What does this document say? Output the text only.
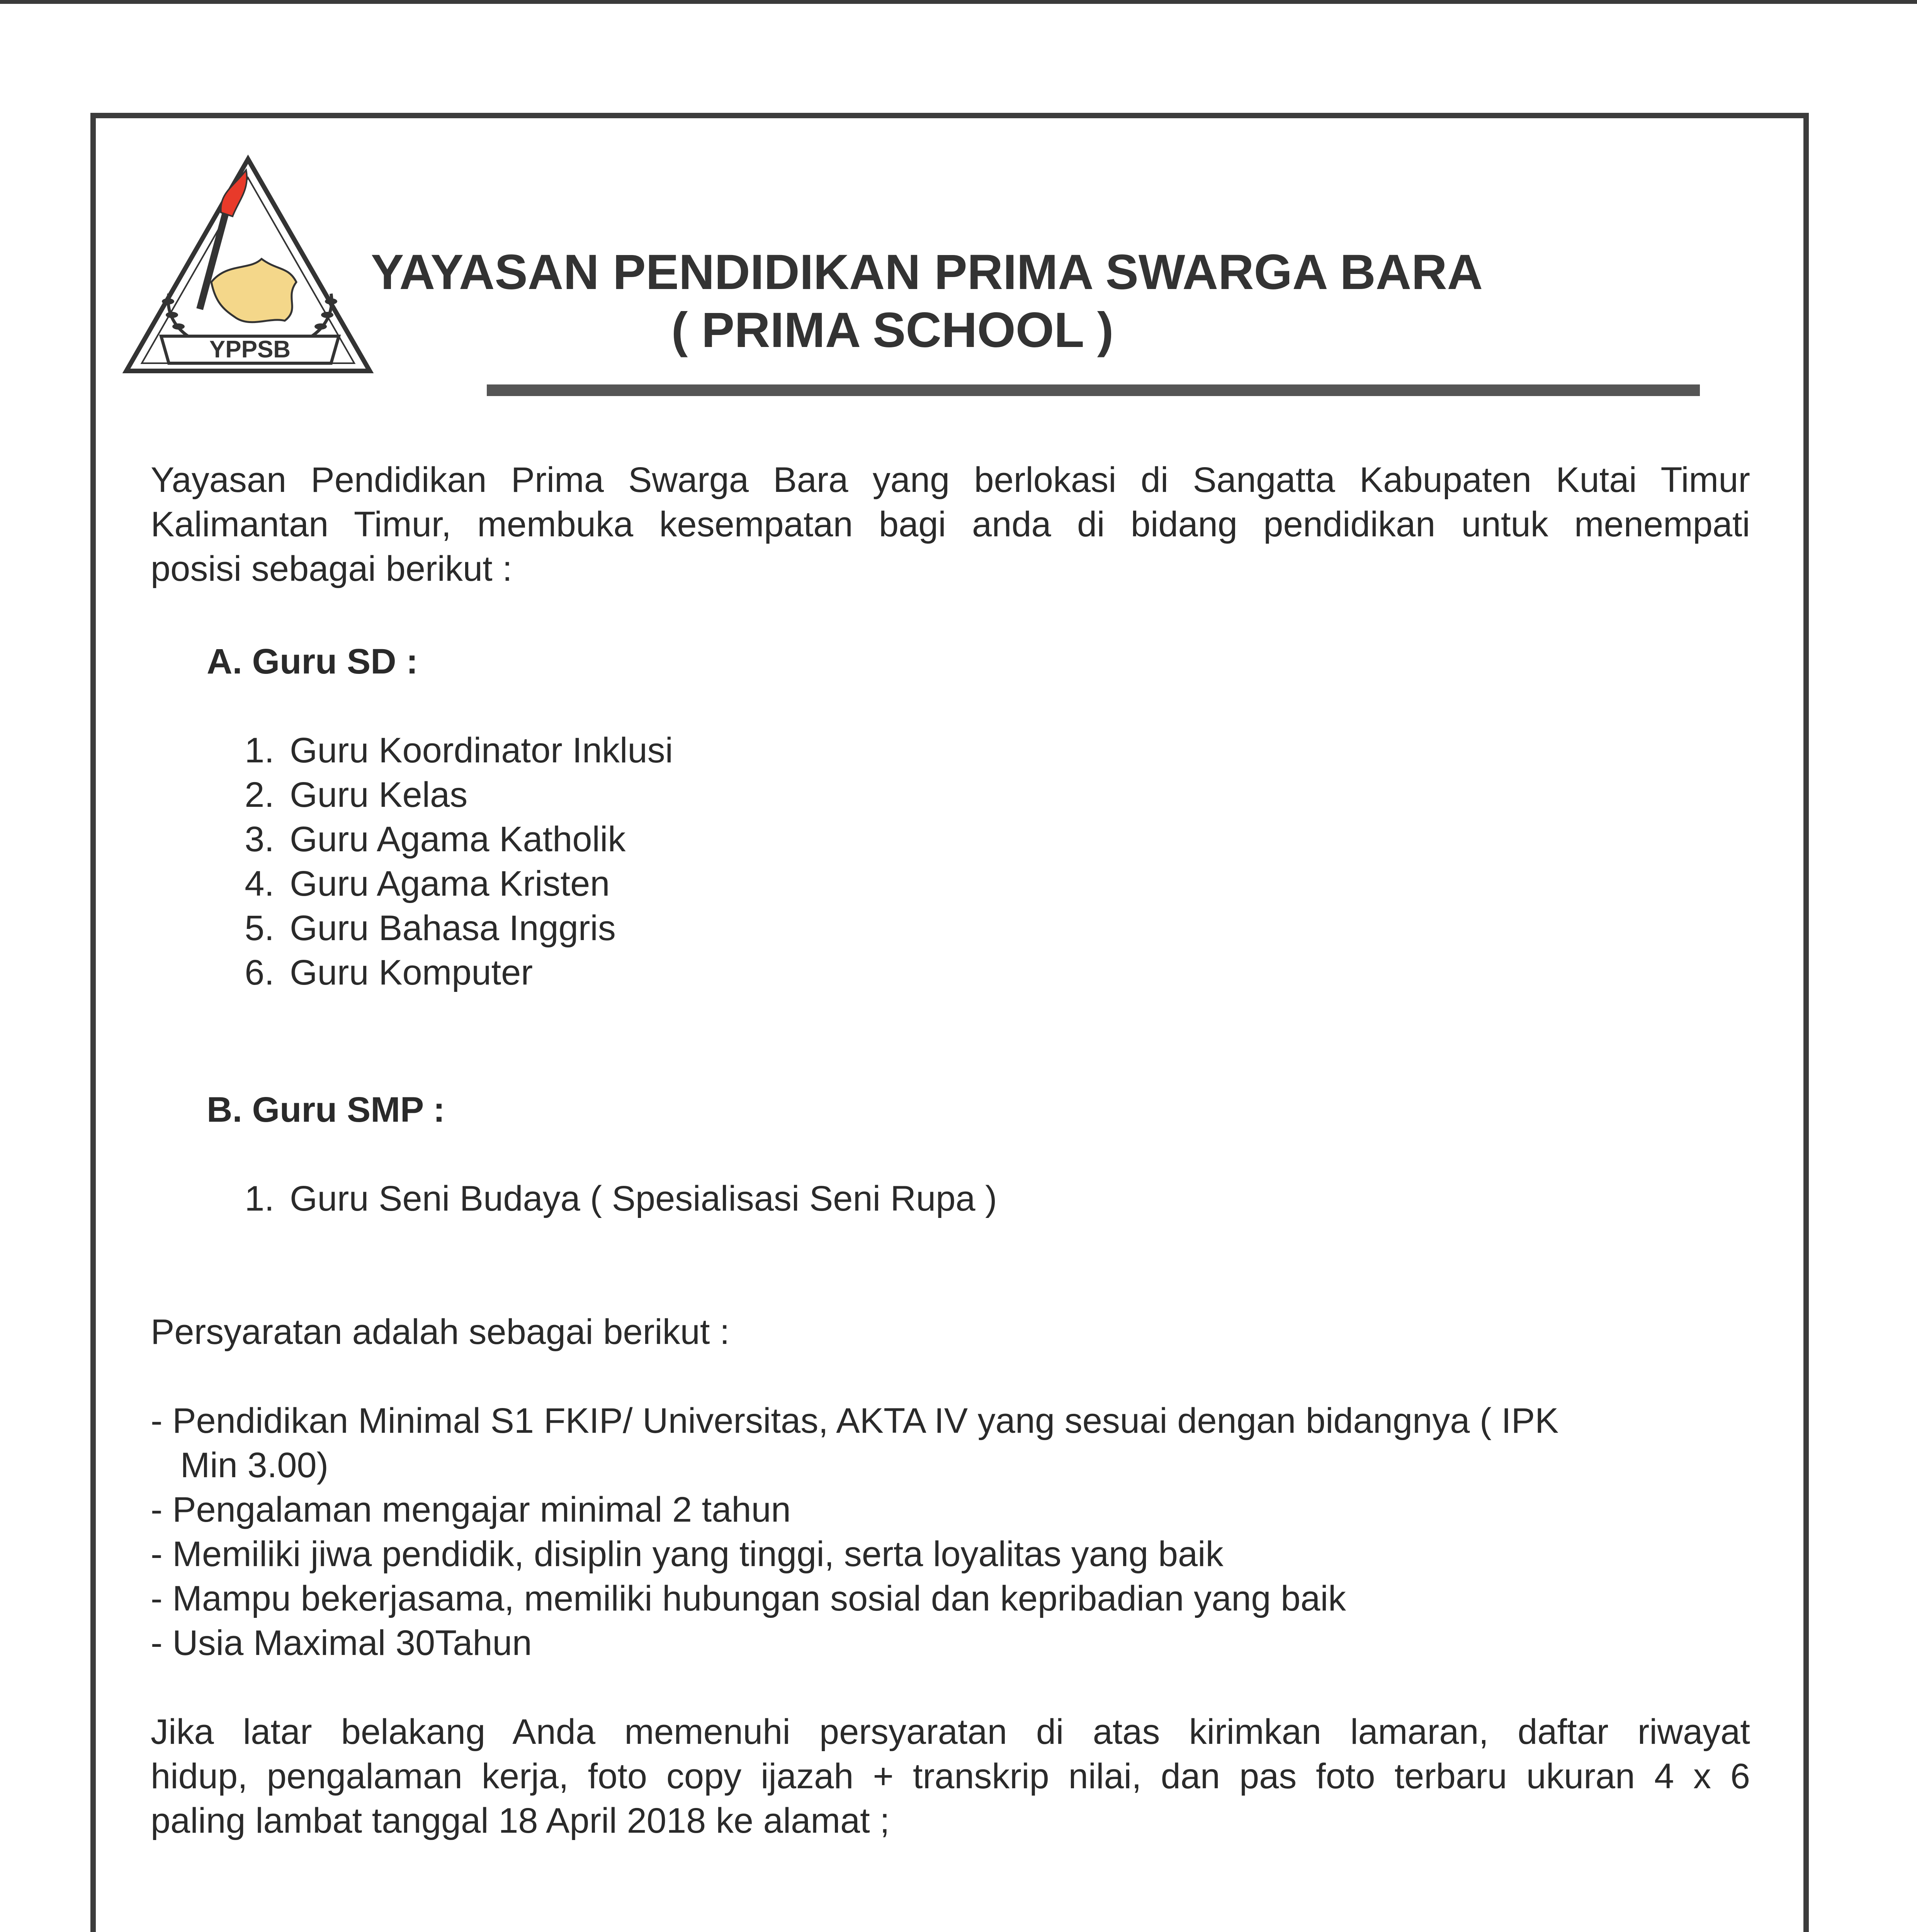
YPPSB
YAYASAN PENDIDIKAN PRIMA SWARGA BARA
( PRIMA SCHOOL )
Yayasan Pendidikan Prima Swarga Bara yang berlokasi di Sangatta Kabupaten Kutai Timur
Kalimantan Timur, membuka kesempatan bagi anda di bidang pendidikan untuk menempati
posisi sebagai berikut :
A. Guru SD :
1. Guru Koordinator Inklusi
2. Guru Kelas
3. Guru Agama Katholik
4. Guru Agama Kristen
5. Guru Bahasa Inggris
6. Guru Komputer
B. Guru SMP :
1. Guru Seni Budaya ( Spesialisasi Seni Rupa )
Persyaratan adalah sebagai berikut :
- Pendidikan Minimal S1 FKIP/ Universitas, AKTA IV yang sesuai dengan bidangnya ( IPK
Min 3.00)
- Pengalaman mengajar minimal 2 tahun
- Memiliki jiwa pendidik, disiplin yang tinggi, serta loyalitas yang baik
- Mampu bekerjasama, memiliki hubungan sosial dan kepribadian yang baik
- Usia Maximal 30Tahun
Jika latar belakang Anda memenuhi persyaratan di atas kirimkan lamaran, daftar riwayat
hidup, pengalaman kerja, foto copy ijazah + transkrip nilai, dan pas foto terbaru ukuran 4 x 6
paling lambat tanggal 18 April 2018 ke alamat ;
